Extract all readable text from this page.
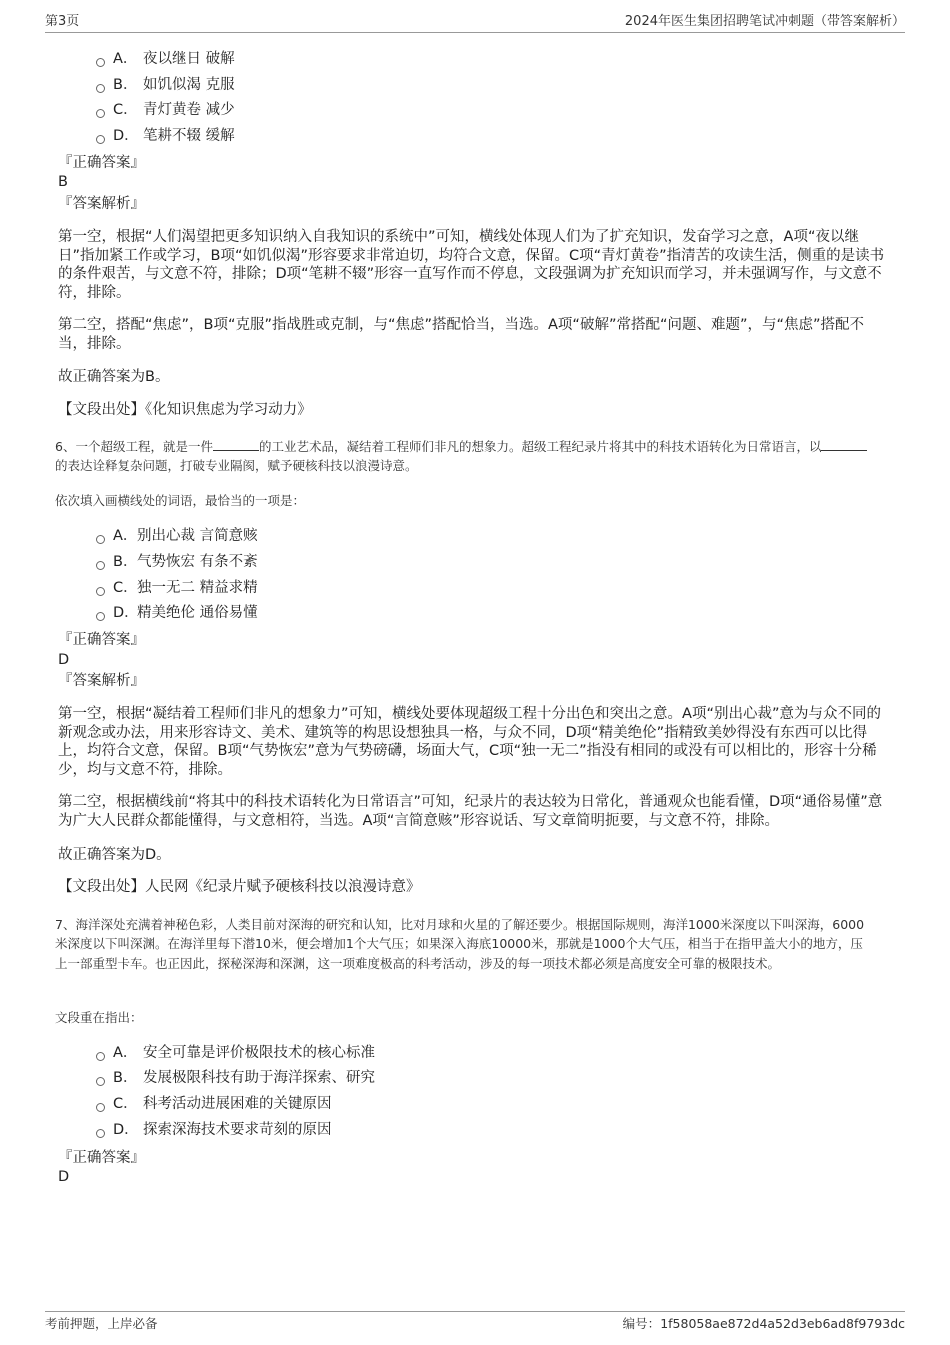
第3页	2024年医生集团招聘笔试冲刺题（带答案解析）
A． 夜以继日 破解
B． 如饥似渴 克服
C． 青灯黄卷 减少
D． 笔耕不辍 缓解
『正确答案』
B
『答案解析』
第一空，根据“人们渴望把更多知识纳入自我知识的系统中”可知，横线处体现人们为了扩充知识，发奋学习之意，A项“夜以继日”指加紧工作或学习，B项“如饥似渴”形容要求非常迫切，均符合文意，保留。C项“青灯黄卷”指清苦的攻读生活，侧重的是读书的条件艰苦，与文意不符，排除；D项“笔耕不辍”形容一直写作而不停息，文段强调为扩充知识而学习，并未强调写作，与文意不符，排除。
第二空，搭配“焦虑”，B项“克服”指战胜或克制，与“焦虑”搭配恰当，当选。A项“破解”常搭配“问题、难题”，与“焦虑”搭配不当，排除。
故正确答案为B。
【文段出处】《化知识焦虑为学习动力》
6、一个超级工程，就是一件	的工业艺术品，凝结着工程师们非凡的想象力。超级工程纪录片将其中的科技术语转化为日常语言，以的表达诠释复杂问题，打破专业隔阂，赋予硬核科技以浪漫诗意。
依次填入画横线处的词语，最恰当的一项是：
A． 别出心裁 言简意赅
B． 气势恢宏 有条不紊
C． 独一无二 精益求精
D．
精美绝伦 通俗易懂
『正确答案』
D
『答案解析』
第一空，根据“凝结着工程师们非凡的想象力”可知，横线处要体现超级工程十分出色和突出之意。A项“别出心裁”意为与众不同的新观念或办法，用来形容诗文、美术、建筑等的构思设想独具一格，与众不同，D项“精美绝伦”指精致美妙得没有东西可以比得上，均符合文意，保留。B项“气势恢宏”意为气势磅礴，场面大气，C项“独一无二”指没有相同的或没有可以相比的，形容十分稀少，均与文意不符，排除。
第二空，根据横线前“将其中的科技术语转化为日常语言”可知，纪录片的表达较为日常化，普通观众也能看懂，D项“通俗易懂”意为广大人民群众都能懂得，与文意相符，当选。A项“言简意赅”形容说话、写文章简明扼要，与文意不符，排除。
故正确答案为D。
【文段出处】人民网《纪录片赋予硬核科技以浪漫诗意》
7、海洋深处充满着神秘色彩，人类目前对深海的研究和认知，比对月球和火星的了解还要少。根据国际规则，海洋1000米深度以下叫深海，6000米深度以下叫深渊。在海洋里每下潜10米，便会增加1个大气压；如果深入海底10000米，那就是1000个大气压，相当于在指甲盖大小的地方，压上一部重型卡车。也正因此，探秘深海和深渊，这一项难度极高的科考活动，涉及的每一项技术都必须是高度安全可靠的极限技术。
文段重在指出：
A． 安全可靠是评价极限技术的核心标准
B． 发展极限科技有助于海洋探索、研究
C． 科考活动进展困难的关键原因
D． 探索深海技术要求苛刻的原因
『正确答案』
D
考前押题，上岸必备	编号：1f58058ae872d4a52d3eb6ad8f9793dc
